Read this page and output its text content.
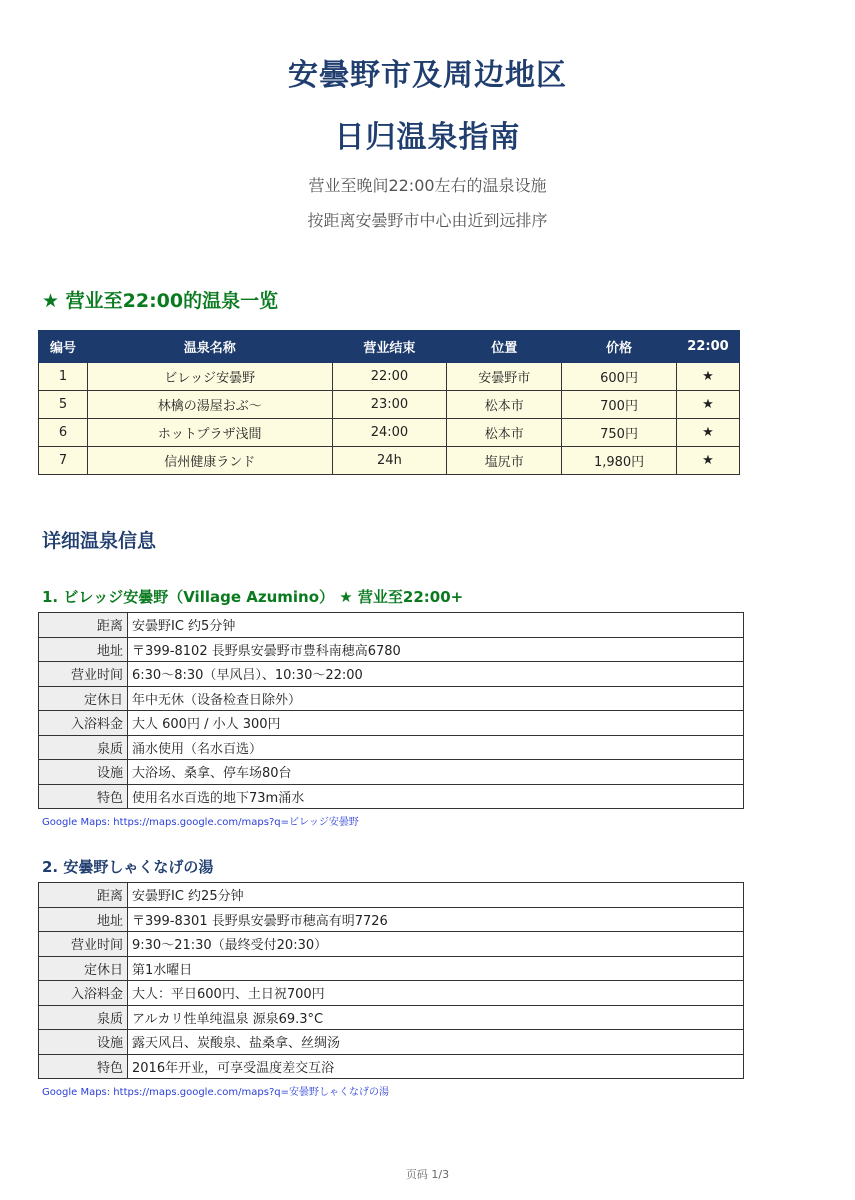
安曇野市及周边地区
日归温泉指南
营业至晚间22:00左右的温泉设施
按距离安曇野市中心由近到远排序
★ 营业至22:00的温泉一览
编号	温泉名称	营业结束	位置	价格	22:00
1	ビレッジ安曇野	22:00	安曇野市	600円	★
5	林檎の湯屋おぶ〜	23:00	松本市	700円	★
6	ホットプラザ浅間	24:00	松本市	750円	★
7	信州健康ランド	24h	塩尻市	1,980円	★
详细温泉信息
1. ビレッジ安曇野（Village Azumino） ★ 营业至22:00+
距离	安曇野IC 约5分钟
地址	〒399-8102 長野県安曇野市豊科南穂高6780
营业时间	6:30〜8:30（早风吕）、10:30〜22:00
定休日	年中无休（设备检查日除外）
入浴料金	大人 600円 / 小人 300円
泉质	涌水使用（名水百选）
设施	大浴场、桑拿、停车场80台
特色	使用名水百选的地下73m涌水
Google Maps: https://maps.google.com/maps?q=ビレッジ安曇野
2. 安曇野しゃくなげの湯
距离	安曇野IC 约25分钟
地址	〒399-8301 長野県安曇野市穂高有明7726
营业时间	9:30〜21:30（最终受付20:30）
定休日	第1水曜日
入浴料金	大人：平日600円、土日祝700円
泉质	アルカリ性单纯温泉 源泉69.3°C
设施	露天风吕、炭酸泉、盐桑拿、丝绸汤
特色	2016年开业，可享受温度差交互浴
Google Maps: https://maps.google.com/maps?q=安曇野しゃくなげの湯
页码 1/3
